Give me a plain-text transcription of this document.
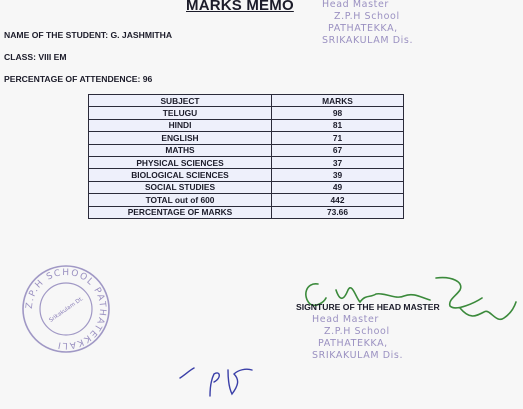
MARKS MEMO
NAME OF THE STUDENT: G. JASHMITHA
CLASS: VIII EM
PERCENTAGE OF ATTENDENCE: 96
Head Master
Z.P.H School
PATHATEKKA,
SRIKAKULAM Dis.
SUBJECT	MARKS
TELUGU	98
HINDI	81
ENGLISH	71
MATHS	67
PHYSICAL SCIENCES	37
BIOLOGICAL SCIENCES	39
SOCIAL STUDIES	49
TOTAL out of 600	442
PERCENTAGE OF MARKS	73.66
Z.P.H SCHOOL PATHATEKKALI
Srikakulam Dt.	SIGNTURE OF THE HEAD MASTER
Head Master
Z.P.H School
PATHATEKKA,
SRIKAKULAM Dis.
